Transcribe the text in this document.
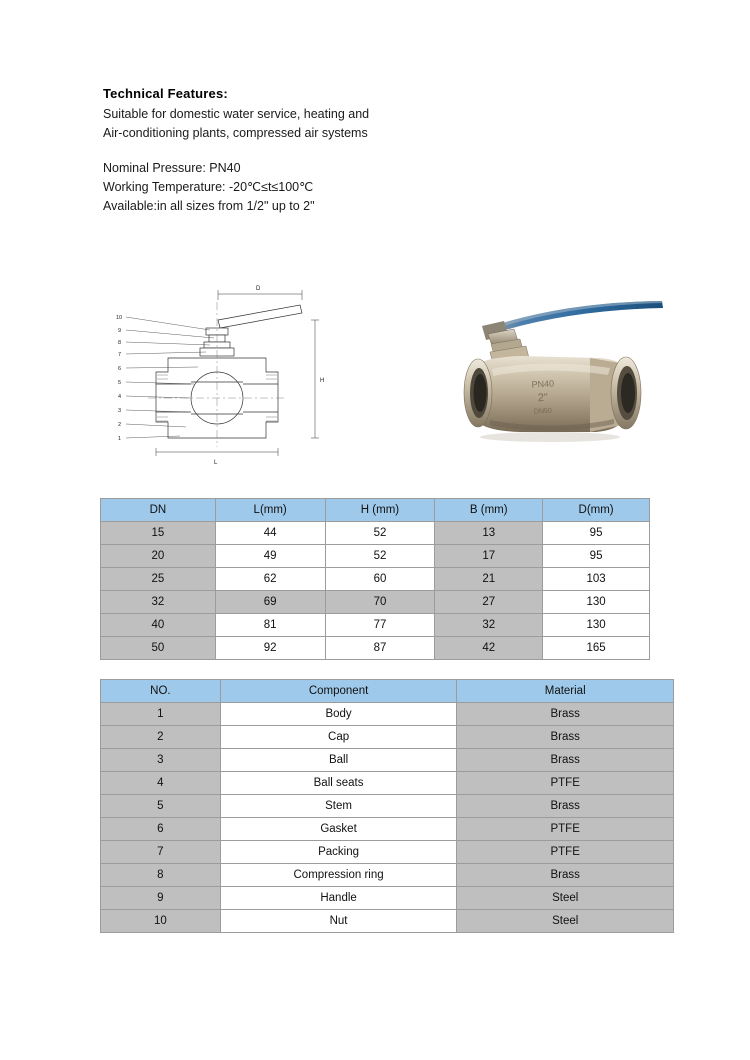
Technical Features:
Suitable for domestic water service, heating and
Air-conditioning plants, compressed air systems
Nominal Pressure: PN40
Working Temperature: -20℃≤t≤100℃
Available:in all sizes from 1/2" up to 2"
10
9
8
7
6
5
4
3
2
1
D
H
L
PN40
2"
DN50
DN	L(mm)	H (mm)	B (mm)	D(mm)
15	44	52	13	95
20	49	52	17	95
25	62	60	21	103
32	69	70	27	130
40	81	77	32	130
50	92	87	42	165
NO.	Component	Material
1	Body	Brass
2	Cap	Brass
3	Ball	Brass
4	Ball seats	PTFE
5	Stem	Brass
6	Gasket	PTFE
7	Packing	PTFE
8	Compression ring	Brass
9	Handle	Steel
10	Nut	Steel
